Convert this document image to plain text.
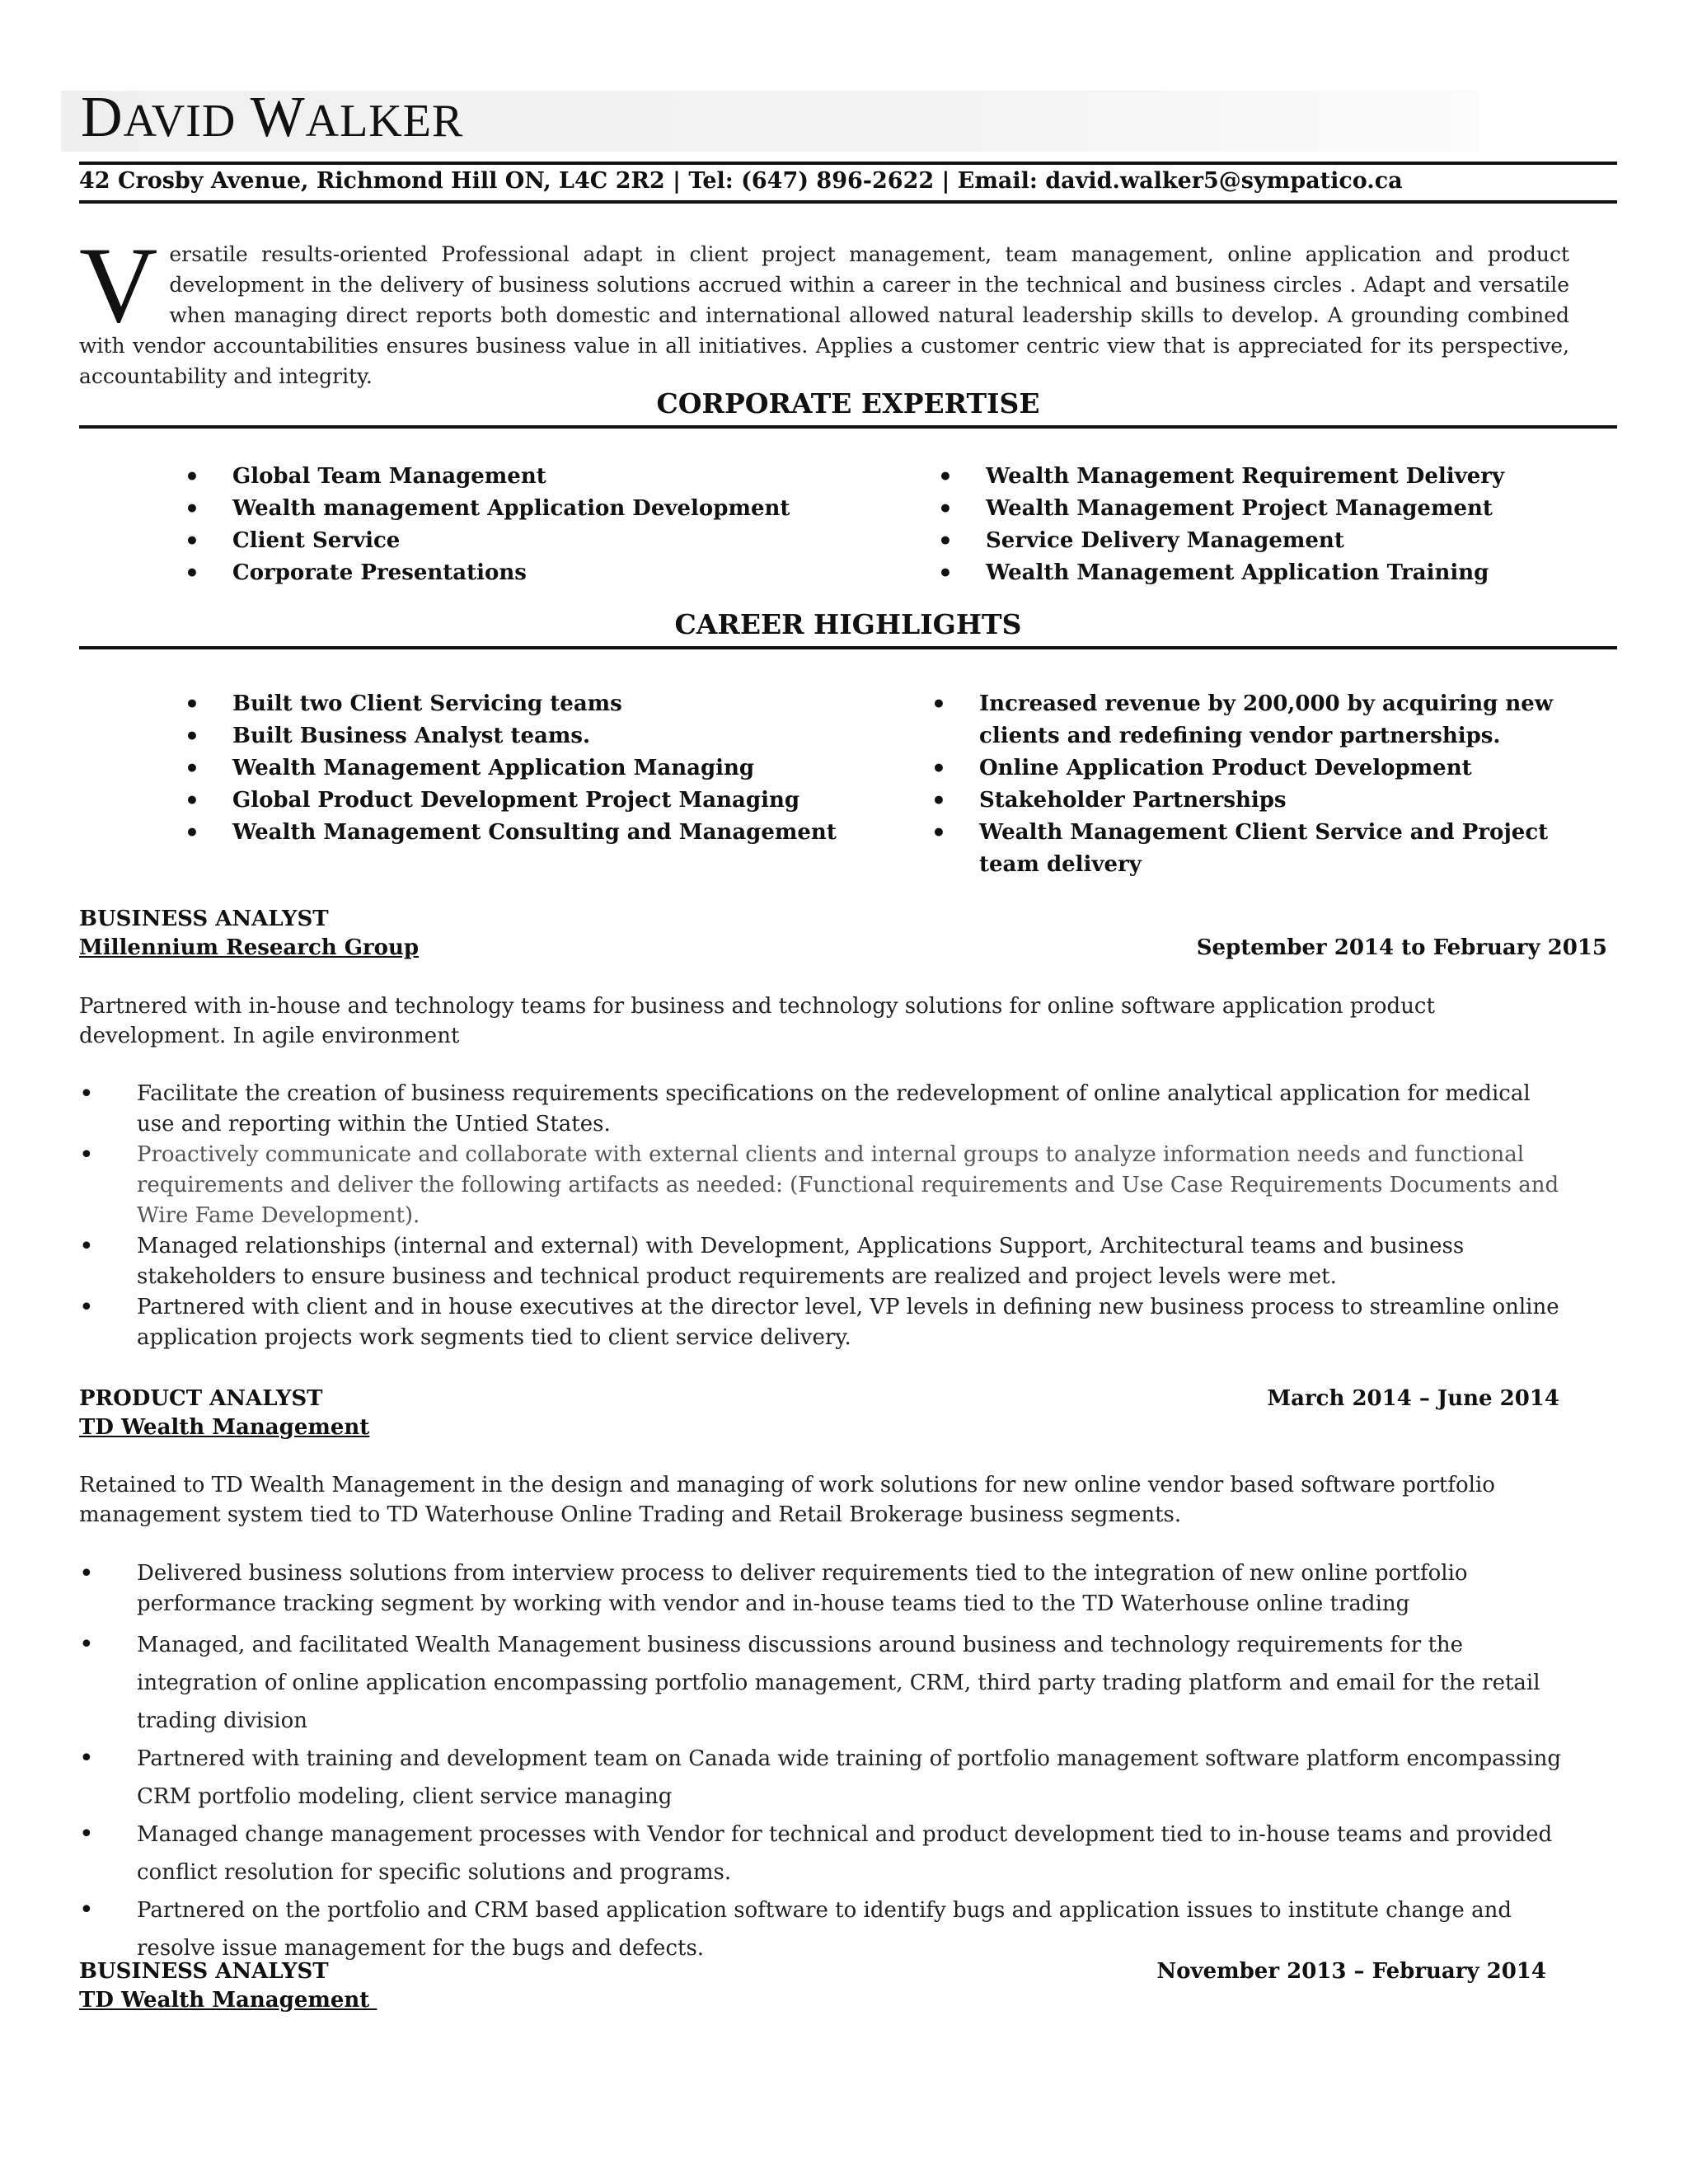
DAVID WALKER
42 Crosby Avenue, Richmond Hill ON, L4C 2R2 | Tel: (647) 896-2622 | Email: david.walker5@sympatico.ca
Versatile results-oriented Professional adapt in client project management, team management, online application and product development in the delivery of business solutions accrued within a career in the technical and business circles . Adapt and versatile when managing direct reports both domestic and international allowed natural leadership skills to develop. A grounding combined with vendor accountabilities ensures business value in all initiatives. Applies a customer centric view that is appreciated for its perspective, accountability and integrity.
CORPORATE EXPERTISE
• Global Team Management
• Wealth management Application Development
• Client Service
• Corporate Presentations
• Wealth Management Requirement Delivery
• Wealth Management Project Management
• Service Delivery Management
• Wealth Management Application Training
CAREER HIGHLIGHTS
• Built two Client Servicing teams
• Built Business Analyst teams.
• Wealth Management Application Managing
• Global Product Development Project Managing
• Wealth Management Consulting and Management
• Increased revenue by 200,000 by acquiring new clients and redefining vendor partnerships.
• Online Application Product Development
• Stakeholder Partnerships
• Wealth Management Client Service and Project team delivery
BUSINESS ANALYST
Millennium Research Group	September 2014 to February 2015
Partnered with in-house and technology teams for business and technology solutions for online software application product development. In agile environment
• Facilitate the creation of business requirements specifications on the redevelopment of online analytical application for medical use and reporting within the Untied States.
• Proactively communicate and collaborate with external clients and internal groups to analyze information needs and functional requirements and deliver the following artifacts as needed: (Functional requirements and Use Case Requirements Documents and Wire Fame Development).
• Managed relationships (internal and external) with Development, Applications Support, Architectural teams and business stakeholders to ensure business and technical product requirements are realized and project levels were met.
• Partnered with client and in house executives at the director level, VP levels in defining new business process to streamline online application projects work segments tied to client service delivery.
PRODUCT ANALYST	March 2014 – June 2014
TD Wealth Management
Retained to TD Wealth Management in the design and managing of work solutions for new online vendor based software portfolio management system tied to TD Waterhouse Online Trading and Retail Brokerage business segments.
• Delivered business solutions from interview process to deliver requirements tied to the integration of new online portfolio performance tracking segment by working with vendor and in-house teams tied to the TD Waterhouse online trading
• Managed, and facilitated Wealth Management business discussions around business and technology requirements for the integration of online application encompassing portfolio management, CRM, third party trading platform and email for the retail trading division
• Partnered with training and development team on Canada wide training of portfolio management software platform encompassing CRM portfolio modeling, client service managing
• Managed change management processes with Vendor for technical and product development tied to in-house teams and provided conflict resolution for specific solutions and programs.
• Partnered on the portfolio and CRM based application software to identify bugs and application issues to institute change and resolve issue management for the bugs and defects.
BUSINESS ANALYST	November 2013 – February 2014
TD Wealth Management
